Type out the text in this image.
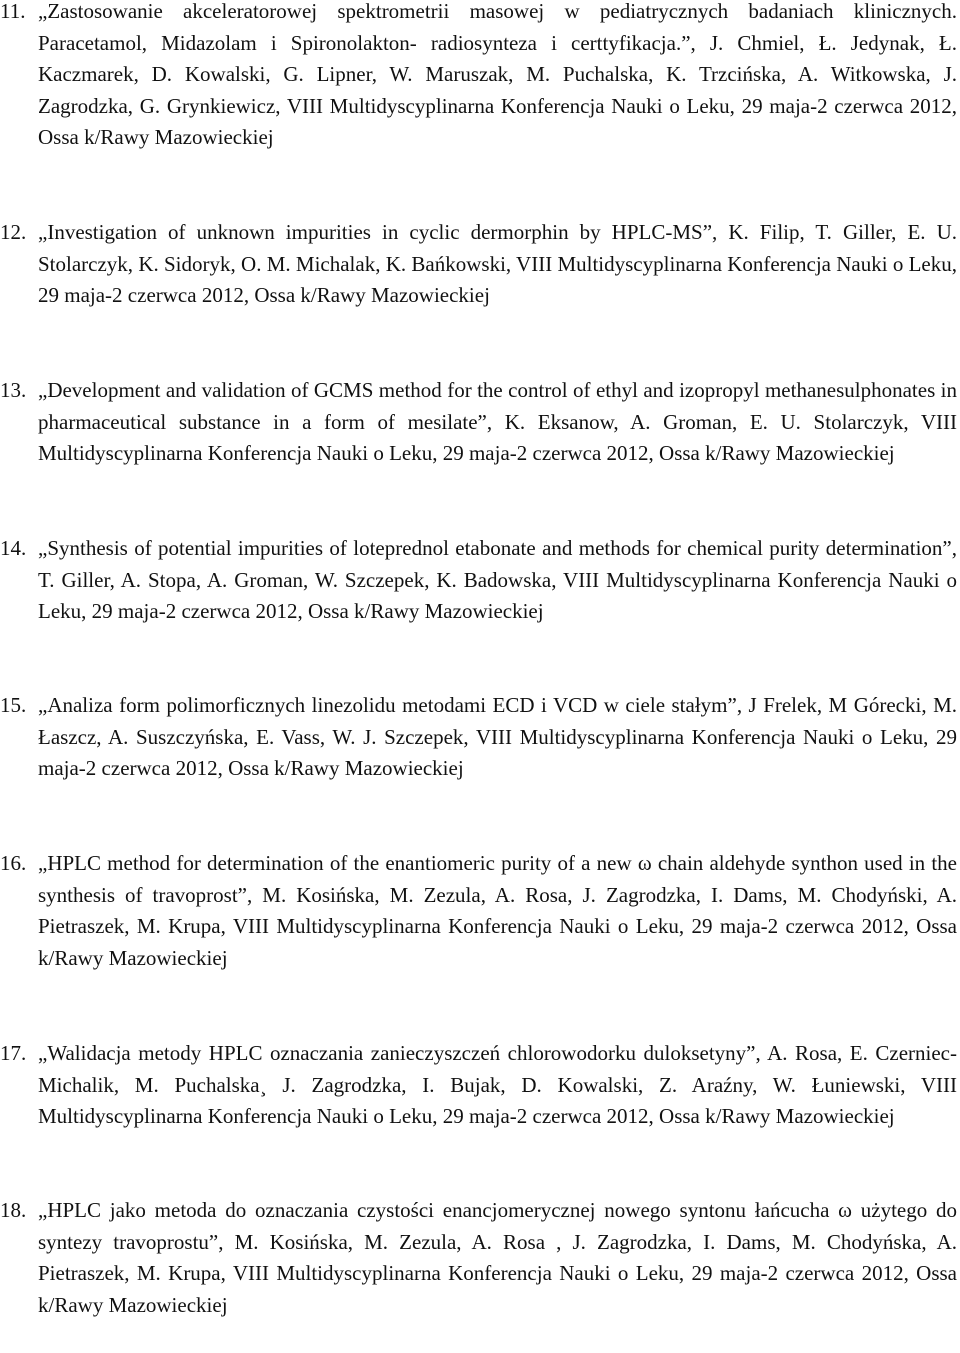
11. „Zastosowanie akceleratorowej spektrometrii masowej w pediatrycznych badaniach klinicznych. Paracetamol, Midazolam i Spironolakton- radiosynteza i certtyfikacja.”, J. Chmiel, Ł. Jedynak, Ł. Kaczmarek, D. Kowalski, G. Lipner, W. Maruszak, M. Puchalska, K. Trzcińska, A. Witkowska, J. Zagrodzka, G. Grynkiewicz, VIII Multidyscyplinarna Konferencja Nauki o Leku, 29 maja-2 czerwca 2012, Ossa k/Rawy Mazowieckiej
12. „Investigation of unknown impurities in cyclic dermorphin by HPLC-MS”, K. Filip, T. Giller, E. U. Stolarczyk, K. Sidoryk, O. M. Michalak, K. Bańkowski, VIII Multidyscyplinarna Konferencja Nauki o Leku, 29 maja-2 czerwca 2012, Ossa k/Rawy Mazowieckiej
13. „Development and validation of GCMS method for the control of ethyl and izopropyl methanesulphonates in pharmaceutical substance in a form of mesilate”, K. Eksanow, A. Groman, E. U. Stolarczyk, VIII Multidyscyplinarna Konferencja Nauki o Leku, 29 maja-2 czerwca 2012, Ossa k/Rawy Mazowieckiej
14. „Synthesis of potential impurities of loteprednol etabonate and methods for chemical purity determination”, T. Giller, A. Stopa, A. Groman, W. Szczepek, K. Badowska, VIII Multidyscyplinarna Konferencja Nauki o Leku, 29 maja-2 czerwca 2012, Ossa k/Rawy Mazowieckiej
15. „Analiza form polimorficznych linezolidu metodami ECD i VCD w ciele stałym”, J Frelek, M Górecki, M. Łaszcz, A. Suszczyńska, E. Vass, W. J. Szczepek, VIII Multidyscyplinarna Konferencja Nauki o Leku, 29 maja-2 czerwca 2012, Ossa k/Rawy Mazowieckiej
16. „HPLC method for determination of the enantiomeric purity of a new ω chain aldehyde synthon used in the synthesis of travoprost”, M. Kosińska, M. Zezula, A. Rosa, J. Zagrodzka, I. Dams, M. Chodyński, A. Pietraszek, M. Krupa, VIII Multidyscyplinarna Konferencja Nauki o Leku, 29 maja-2 czerwca 2012, Ossa k/Rawy Mazowieckiej
17. „Walidacja metody HPLC oznaczania zanieczyszczeń chlorowodorku duloksetyny”, A. Rosa, E. Czerniec-Michalik, M. Puchalska¸ J. Zagrodzka, I. Bujak, D. Kowalski, Z. Araźny, W. Łuniewski, VIII Multidyscyplinarna Konferencja Nauki o Leku, 29 maja-2 czerwca 2012, Ossa k/Rawy Mazowieckiej
18. „HPLC jako metoda do oznaczania czystości enancjomerycznej nowego syntonu łańcucha ω użytego do syntezy travoprostu”, M. Kosińska, M. Zezula, A. Rosa , J. Zagrodzka, I. Dams, M. Chodyńska, A. Pietraszek, M. Krupa, VIII Multidyscyplinarna Konferencja Nauki o Leku, 29 maja-2 czerwca 2012, Ossa k/Rawy Mazowieckiej
